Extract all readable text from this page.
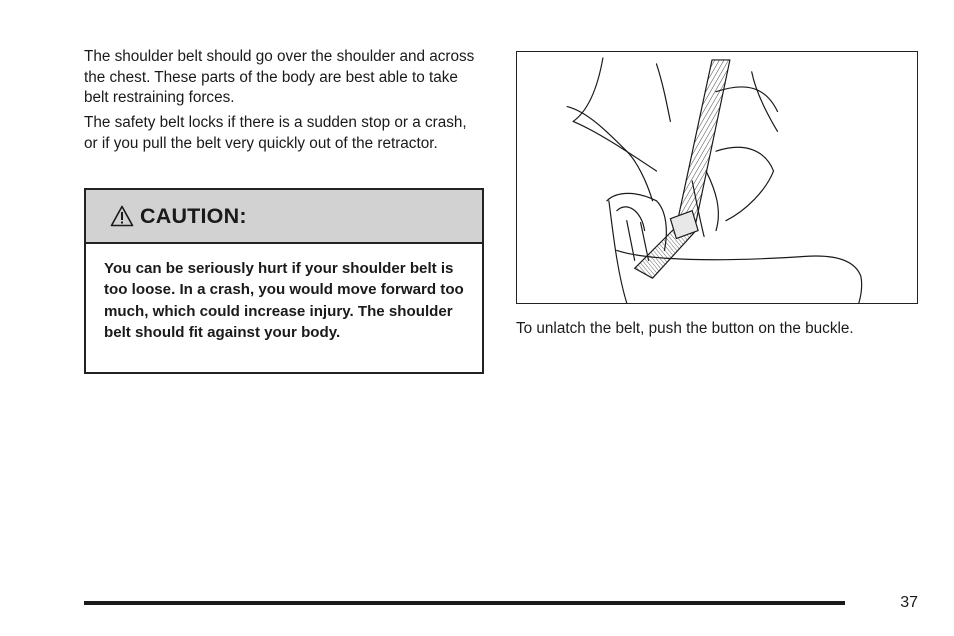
The shoulder belt should go over the shoulder and across the chest. These parts of the body are best able to take belt restraining forces.

The safety belt locks if there is a sudden stop or a crash, or if you pull the belt very quickly out of the retractor.

CAUTION:
You can be seriously hurt if your shoulder belt is too loose. In a crash, you would move forward too much, which could increase injury. The shoulder belt should fit against your body.	To unlatch the belt, push the button on the buckle.
37
